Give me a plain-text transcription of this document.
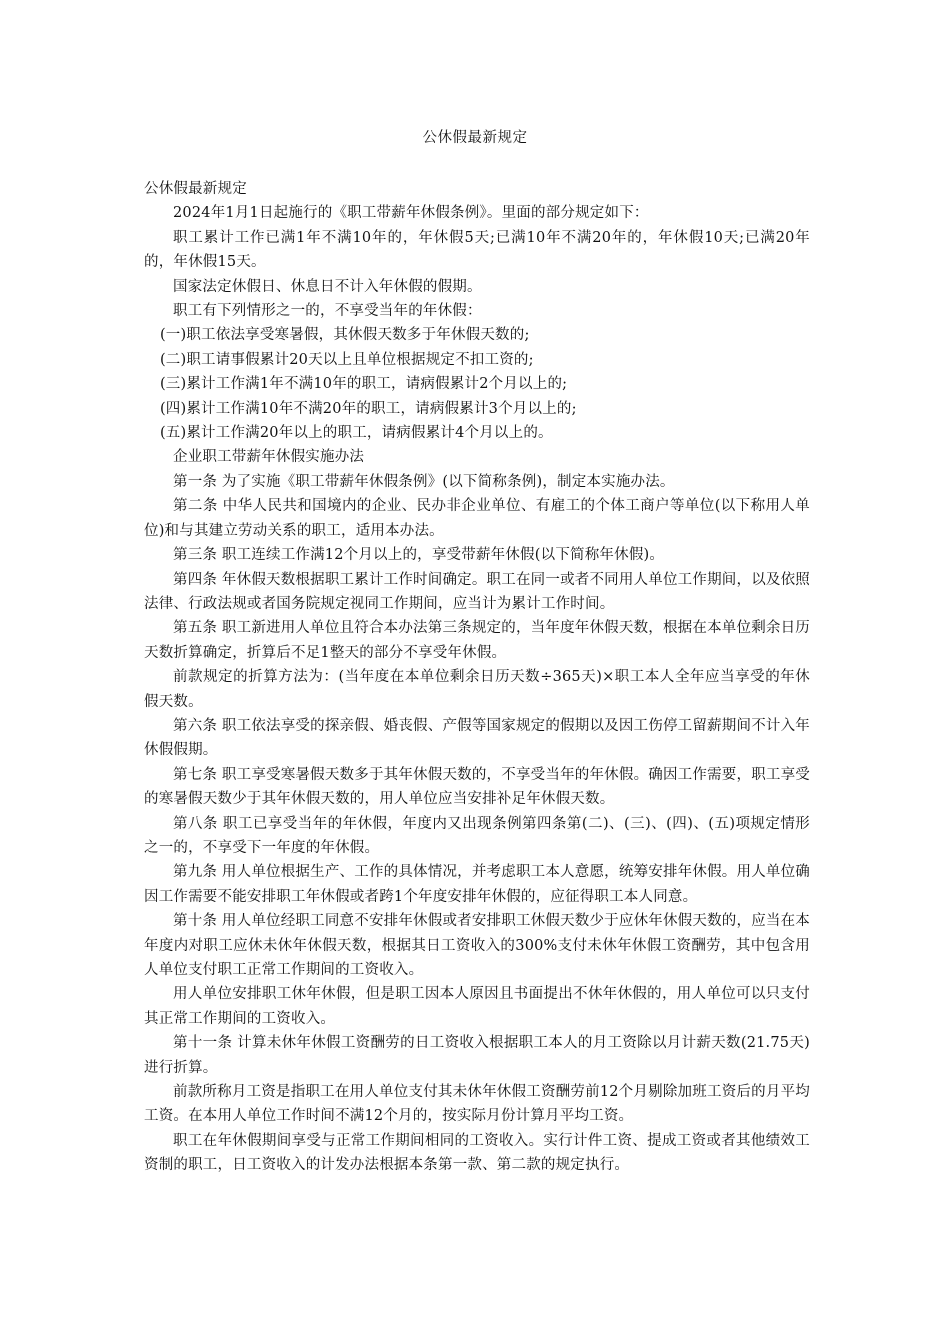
公休假最新规定

公休假最新规定

2024年1月1日起施行的《职工带薪年休假条例》。里面的部分规定如下：

职工累计工作已满1年不满10年的，年休假5天;已满10年不满20年的，年休假10天;已满20年的，年休假15天。

国家法定休假日、休息日不计入年休假的假期。

职工有下列情形之一的，不享受当年的年休假：

(一)职工依法享受寒暑假，其休假天数多于年休假天数的;

(二)职工请事假累计20天以上且单位根据规定不扣工资的;

(三)累计工作满1年不满10年的职工，请病假累计2个月以上的;

(四)累计工作满10年不满20年的职工，请病假累计3个月以上的;

(五)累计工作满20年以上的职工，请病假累计4个月以上的。

企业职工带薪年休假实施办法

第一条 为了实施《职工带薪年休假条例》(以下简称条例)，制定本实施办法。

第二条 中华人民共和国境内的企业、民办非企业单位、有雇工的个体工商户等单位(以下称用人单位)和与其建立劳动关系的职工，适用本办法。

第三条 职工连续工作满12个月以上的，享受带薪年休假(以下简称年休假)。

第四条 年休假天数根据职工累计工作时间确定。职工在同一或者不同用人单位工作期间，以及依照法律、行政法规或者国务院规定视同工作期间，应当计为累计工作时间。

第五条 职工新进用人单位且符合本办法第三条规定的，当年度年休假天数，根据在本单位剩余日历天数折算确定，折算后不足1整天的部分不享受年休假。

前款规定的折算方法为：(当年度在本单位剩余日历天数÷365天)×职工本人全年应当享受的年休假天数。

第六条 职工依法享受的探亲假、婚丧假、产假等国家规定的假期以及因工伤停工留薪期间不计入年休假假期。

第七条 职工享受寒暑假天数多于其年休假天数的，不享受当年的年休假。确因工作需要，职工享受的寒暑假天数少于其年休假天数的，用人单位应当安排补足年休假天数。

第八条 职工已享受当年的年休假，年度内又出现条例第四条第(二)、(三)、(四)、(五)项规定情形之一的，不享受下一年度的年休假。

第九条 用人单位根据生产、工作的具体情况，并考虑职工本人意愿，统筹安排年休假。用人单位确因工作需要不能安排职工年休假或者跨1个年度安排年休假的，应征得职工本人同意。

第十条 用人单位经职工同意不安排年休假或者安排职工休假天数少于应休年休假天数的，应当在本年度内对职工应休未休年休假天数，根据其日工资收入的300%支付未休年休假工资酬劳，其中包含用人单位支付职工正常工作期间的工资收入。

用人单位安排职工休年休假，但是职工因本人原因且书面提出不休年休假的，用人单位可以只支付其正常工作期间的工资收入。

第十一条 计算未休年休假工资酬劳的日工资收入根据职工本人的月工资除以月计薪天数(21.75天)进行折算。

前款所称月工资是指职工在用人单位支付其未休年休假工资酬劳前12个月剔除加班工资后的月平均工资。在本用人单位工作时间不满12个月的，按实际月份计算月平均工资。

职工在年休假期间享受与正常工作期间相同的工资收入。实行计件工资、提成工资或者其他绩效工资制的职工，日工资收入的计发办法根据本条第一款、第二款的规定执行。
